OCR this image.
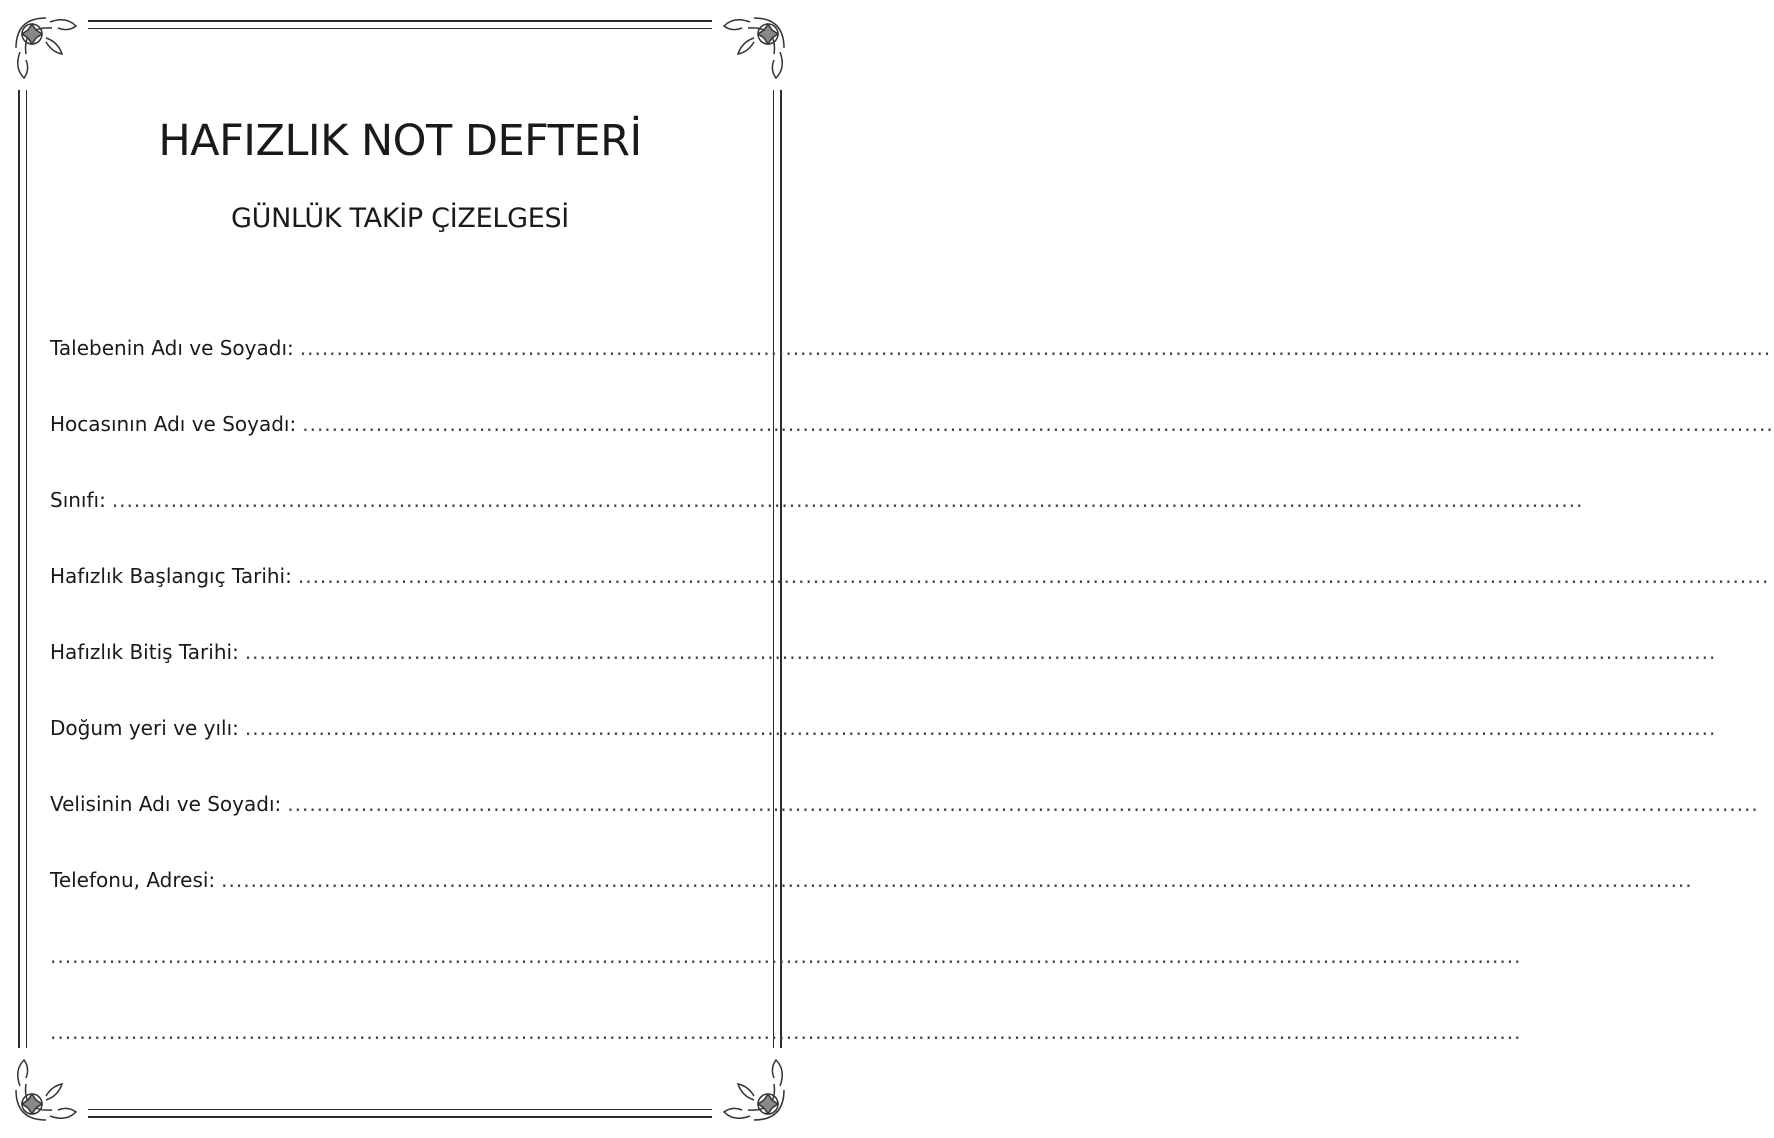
HAFIZLIK NOT DEFTERİ
GÜNLÜK TAKİP ÇİZELGESİ
Talebenin Adı ve Soyadı: ........................................................................................................................................................................................................
Hocasının Adı ve Soyadı: ........................................................................................................................................................................................................
Sınıfı: ........................................................................................................................................................................................................
Hafızlık Başlangıç Tarihi: ........................................................................................................................................................................................................
Hafızlık Bitiş Tarihi: ........................................................................................................................................................................................................
Doğum yeri ve yılı: ........................................................................................................................................................................................................
Velisinin Adı ve Soyadı: ........................................................................................................................................................................................................
Telefonu, Adresi: ........................................................................................................................................................................................................
........................................................................................................................................................................................................
........................................................................................................................................................................................................
